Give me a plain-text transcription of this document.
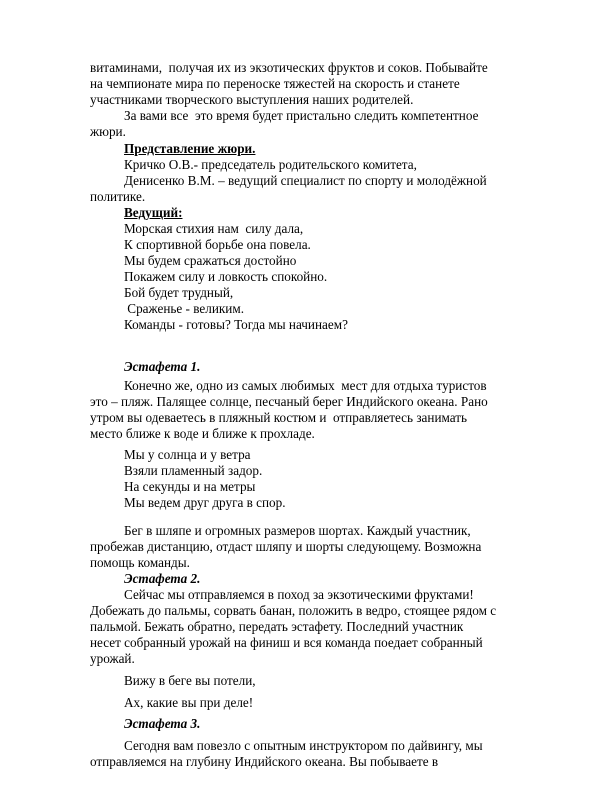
витаминами,  получая их из экзотических фруктов и соков. Побывайте
на чемпионате мира по переноске тяжестей на скорость и станете
участниками творческого выступления наших родителей.
За вами все  это время будет пристально следить компетентное
жюри.
Представление жюри.
Кричко О.В.- председатель родительского комитета,
Денисенко В.М. – ведущий специалист по спорту и молодёжной
политике.
Ведущий:
Морская стихия нам  силу дала,
К спортивной борьбе она повела.
Мы будем сражаться достойно
Покажем силу и ловкость спокойно.
Бой будет трудный,
Сраженье - великим.
Команды - готовы? Тогда мы начинаем?
Эстафета 1.
Конечно же, одно из самых любимых  мест для отдыха туристов
это – пляж. Палящее солнце, песчаный берег Индийского океана. Рано
утром вы одеваетесь в пляжный костюм и  отправляетесь занимать
место ближе к воде и ближе к прохладе.
Мы у солнца и у ветра
Взяли пламенный задор.
На секунды и на метры
Мы ведем друг друга в спор.
Бег в шляпе и огромных размеров шортах. Каждый участник,
пробежав дистанцию, отдаст шляпу и шорты следующему. Возможна
помощь команды.
Эстафета 2.
Сейчас мы отправляемся в поход за экзотическими фруктами!
Добежать до пальмы, сорвать банан, положить в ведро, стоящее рядом с
пальмой. Бежать обратно, передать эстафету. Последний участник
несет собранный урожай на финиш и вся команда поедает собранный
урожай.
Вижу в беге вы потели,
Ах, какие вы при деле!
Эстафета 3.
Сегодня вам повезло с опытным инструктором по дайвингу, мы
отправляемся на глубину Индийского океана. Вы побываете в
